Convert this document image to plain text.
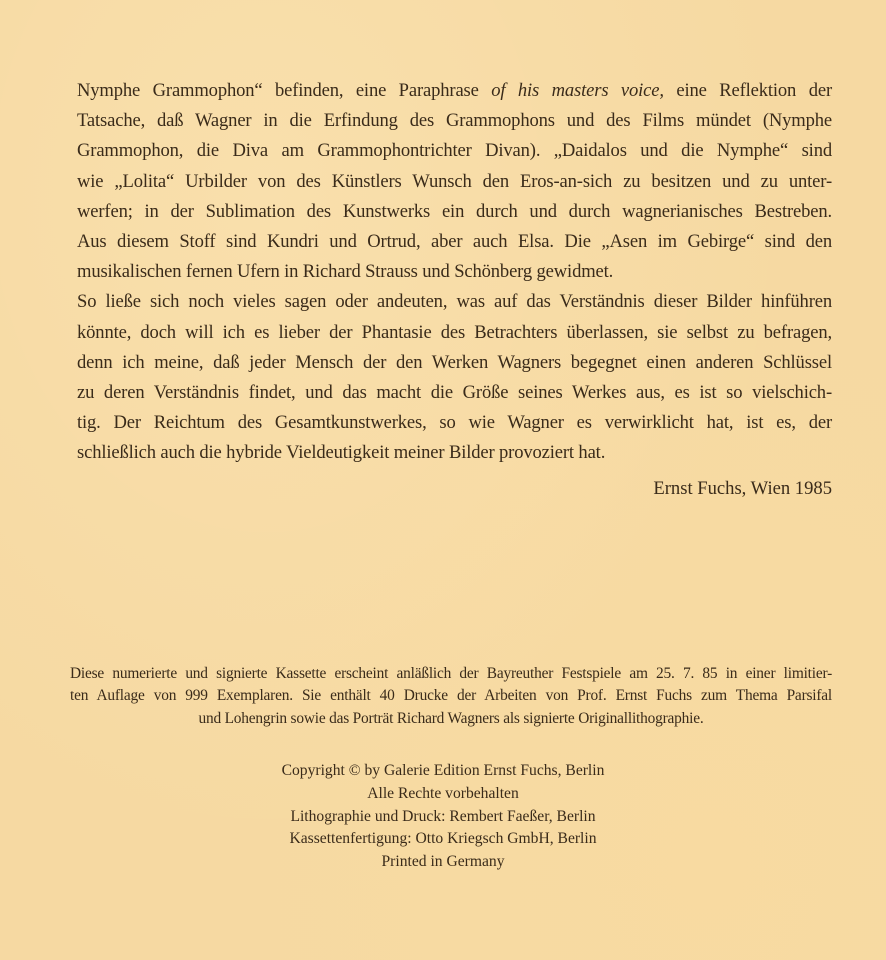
Nymphe Grammophon“ befinden, eine Paraphrase of his masters voice, eine Reflektion der
Tatsache, daß Wagner in die Erfindung des Grammophons und des Films mündet (Nymphe
Grammophon, die Diva am Grammophontrichter Divan). „Daidalos und die Nymphe“ sind
wie „Lolita“ Urbilder von des Künstlers Wunsch den Eros-an-sich zu besitzen und zu unter-
werfen; in der Sublimation des Kunstwerks ein durch und durch wagnerianisches Bestreben.
Aus diesem Stoff sind Kundri und Ortrud, aber auch Elsa. Die „Asen im Gebirge“ sind den
musikalischen fernen Ufern in Richard Strauss und Schönberg gewidmet.
So ließe sich noch vieles sagen oder andeuten, was auf das Verständnis dieser Bilder hinführen
könnte, doch will ich es lieber der Phantasie des Betrachters überlassen, sie selbst zu befragen,
denn ich meine, daß jeder Mensch der den Werken Wagners begegnet einen anderen Schlüssel
zu deren Verständnis findet, und das macht die Größe seines Werkes aus, es ist so vielschich-
tig. Der Reichtum des Gesamtkunstwerkes, so wie Wagner es verwirklicht hat, ist es, der
schließlich auch die hybride Vieldeutigkeit meiner Bilder provoziert hat.
Ernst Fuchs, Wien 1985
Diese numerierte und signierte Kassette erscheint anläßlich der Bayreuther Festspiele am 25. 7. 85 in einer limitier-
ten Auflage von 999 Exemplaren. Sie enthält 40 Drucke der Arbeiten von Prof. Ernst Fuchs zum Thema Parsifal
und Lohengrin sowie das Porträt Richard Wagners als signierte Originallithographie.
Copyright © by Galerie Edition Ernst Fuchs, Berlin
Alle Rechte vorbehalten
Lithographie und Druck: Rembert Faeßer, Berlin
Kassettenfertigung: Otto Kriegsch GmbH, Berlin
Printed in Germany
